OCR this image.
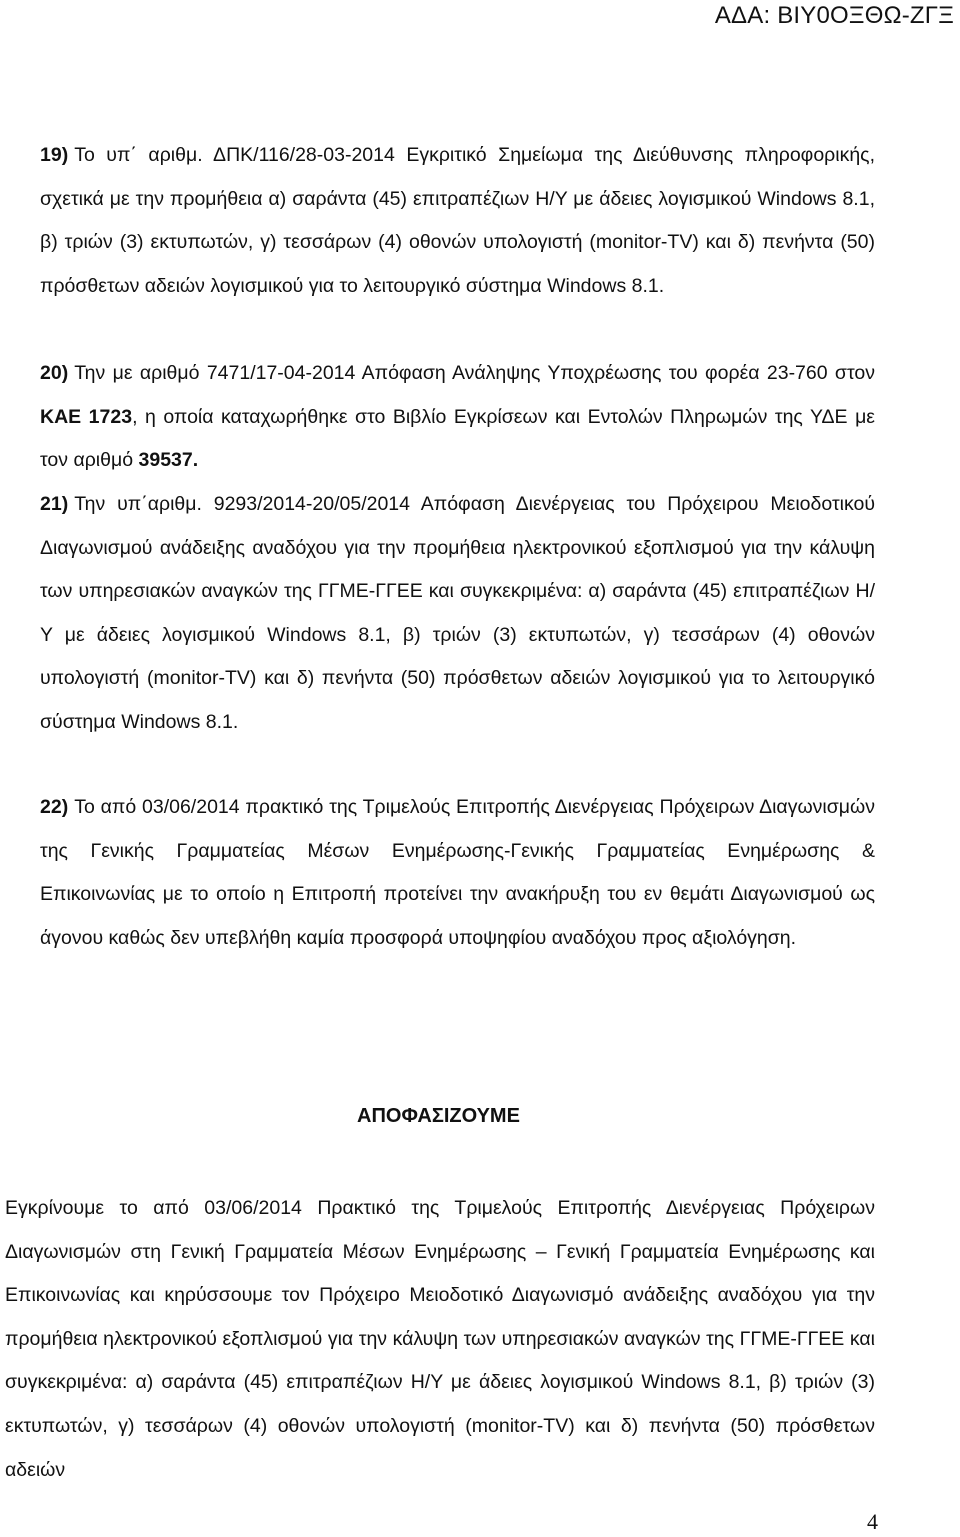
ΑΔΑ: ΒΙΥ0ΟΞΘΩ-ΖΓΞ

19) Το υπ΄ αριθμ. ΔΠΚ/116/28-03-2014 Εγκριτικό Σημείωμα της Διεύθυνσης πληροφορικής, σχετικά με την προμήθεια α) σαράντα (45) επιτραπέζιων Η/Υ με άδειες λογισμικού Windows 8.1, β) τριών (3) εκτυπωτών, γ) τεσσάρων (4) οθονών υπολογιστή (monitor-TV) και δ) πενήντα (50) πρόσθετων αδειών λογισμικού για το λειτουργικό σύστημα Windows 8.1.

20) Την με αριθμό 7471/17-04-2014 Απόφαση Ανάληψης Υποχρέωσης του φορέα 23-760 στον ΚΑΕ 1723, η οποία καταχωρήθηκε στο Βιβλίο Εγκρίσεων και Εντολών Πληρωμών της ΥΔΕ με τον αριθμό 39537.

21) Την υπ΄αριθμ. 9293/2014-20/05/2014 Απόφαση Διενέργειας του Πρόχειρου Μειοδοτικού Διαγωνισμού ανάδειξης αναδόχου για την προμήθεια ηλεκτρονικού εξοπλισμού για την κάλυψη των υπηρεσιακών αναγκών της ΓΓΜΕ-ΓΓΕΕ και συγκεκριμένα: α) σαράντα (45) επιτραπέζιων Η/Υ με άδειες λογισμικού Windows 8.1, β) τριών (3) εκτυπωτών, γ) τεσσάρων (4) οθονών υπολογιστή (monitor-TV) και δ) πενήντα (50) πρόσθετων αδειών λογισμικού για το λειτουργικό σύστημα Windows 8.1.

22) Το από 03/06/2014 πρακτικό της Τριμελούς Επιτροπής Διενέργειας Πρόχειρων Διαγωνισμών της Γενικής Γραμματείας Μέσων Ενημέρωσης-Γενικής Γραμματείας Ενημέρωσης & Επικοινωνίας με το οποίο η Επιτροπή προτείνει την ανακήρυξη του εν θεμάτι Διαγωνισμού ως άγονου καθώς δεν υπεβλήθη καμία προσφορά υποψηφίου αναδόχου προς αξιολόγηση.

ΑΠΟΦΑΣΙΖΟΥΜΕ

Εγκρίνουμε το από 03/06/2014 Πρακτικό της Τριμελούς Επιτροπής Διενέργειας Πρόχειρων Διαγωνισμών στη Γενική Γραμματεία Μέσων Ενημέρωσης – Γενική Γραμματεία Ενημέρωσης και Επικοινωνίας και κηρύσσουμε τον Πρόχειρο Μειοδοτικό Διαγωνισμό ανάδειξης αναδόχου για την προμήθεια ηλεκτρονικού εξοπλισμού για την κάλυψη των υπηρεσιακών αναγκών της ΓΓΜΕ-ΓΓΕΕ και συγκεκριμένα: α) σαράντα (45) επιτραπέζιων Η/Υ με άδειες λογισμικού Windows 8.1, β) τριών (3) εκτυπωτών, γ) τεσσάρων (4) οθονών υπολογιστή (monitor-TV) και δ) πενήντα (50) πρόσθετων αδειών

4
